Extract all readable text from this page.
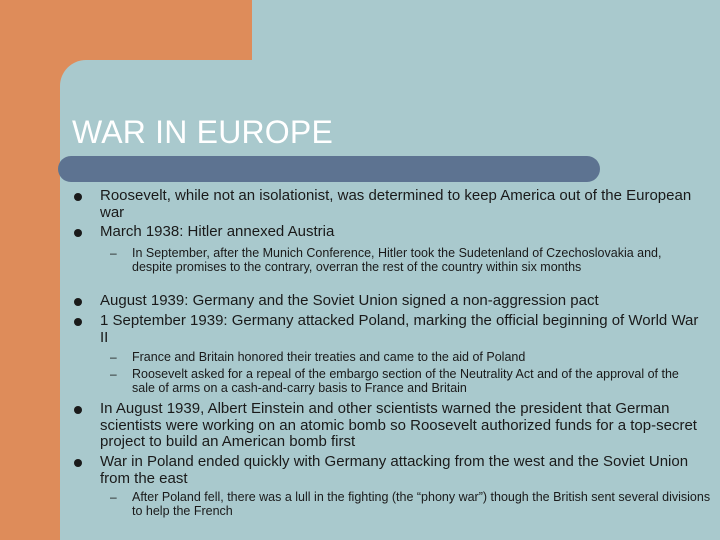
WAR IN EUROPE
Roosevelt, while not an isolationist, was determined to keep America out of the European war
March 1938: Hitler annexed Austria
– In September, after the Munich Conference, Hitler took the Sudetenland of Czechoslovakia and, despite promises to the contrary, overran the rest of the country within six months
August 1939: Germany and the Soviet Union signed a non-aggression pact
1 September 1939: Germany attacked Poland, marking the official beginning of World War II
– France and Britain honored their treaties and came to the aid of Poland
– Roosevelt asked for a repeal of the embargo section of the Neutrality Act and of the approval of the sale of arms on a cash-and-carry basis to France and Britain
In August 1939, Albert Einstein and other scientists warned the president that German scientists were working on an atomic bomb so Roosevelt authorized funds for a top-secret project to build an American bomb first
War in Poland ended quickly with Germany attacking from the west and the Soviet Union from the east
– After Poland fell, there was a lull in the fighting (the “phony war”) though the British sent several divisions to help the French
